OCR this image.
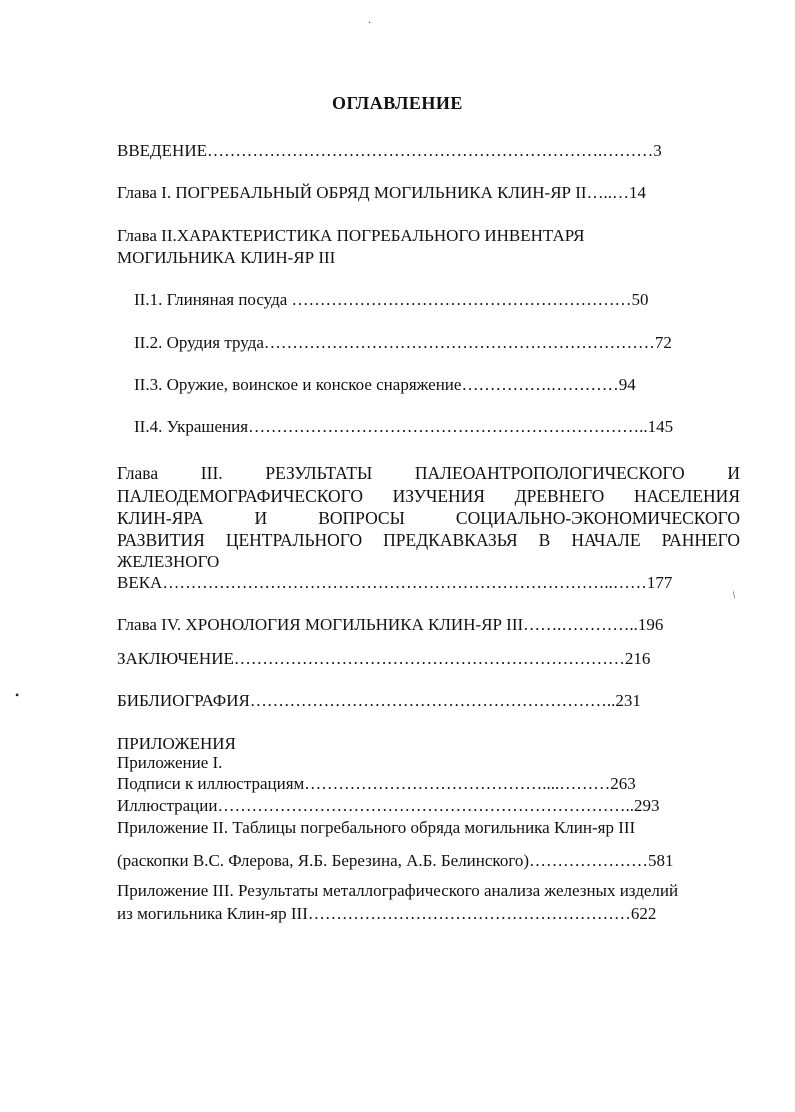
ОГЛАВЛЕНИЕ
ВВЕДЕНИЕ…………………………………………………………….………3
Глава I. ПОГРЕБАЛЬНЫЙ ОБРЯД МОГИЛЬНИКА КЛИН-ЯР II…..…14
Глава II.ХАРАКТЕРИСТИКА ПОГРЕБАЛЬНОГО ИНВЕНТАРЯ
МОГИЛЬНИКА КЛИН-ЯР III
II.1. Глиняная посуда ……………………………………………………50
II.2. Орудия труда……………………………………………………………72
II.3. Оружие, воинское и конское снаряжение…………….…………94
II.4. Украшения……………………………………………………………..145
Глава III. РЕЗУЛЬТАТЫ ПАЛЕОАНТРОПОЛОГИЧЕСКОГО И
ПАЛЕОДЕМОГРАФИЧЕСКОГО ИЗУЧЕНИЯ ДРЕВНЕГО НАСЕЛЕНИЯ
КЛИН-ЯРА И ВОПРОСЫ СОЦИАЛЬНО-ЭКОНОМИЧЕСКОГО
РАЗВИТИЯ ЦЕНТРАЛЬНОГО ПРЕДКАВКАЗЬЯ В НАЧАЛЕ РАННЕГО
ЖЕЛЕЗНОГО
ВЕКА……………………………………………………………………..……177
Глава IV. ХРОНОЛОГИЯ МОГИЛЬНИКА КЛИН-ЯР III…….…………..196
ЗАКЛЮЧЕНИЕ……………………………………………………………216
БИБЛИОГРАФИЯ………………………………………………………..231
ПРИЛОЖЕНИЯ
Приложение I.
Подписи к иллюстрациям……………………………………....………263
Иллюстрации………………………………………………………………..293
Приложение II. Таблицы погребального обряда могильника Клин-яр III
(раскопки В.С. Флерова, Я.Б. Березина, А.Б. Белинского)…………………581
Приложение III. Результаты металлографического анализа железных изделий
из могильника Клин-яр III…………………………………………………622
·
/
•
